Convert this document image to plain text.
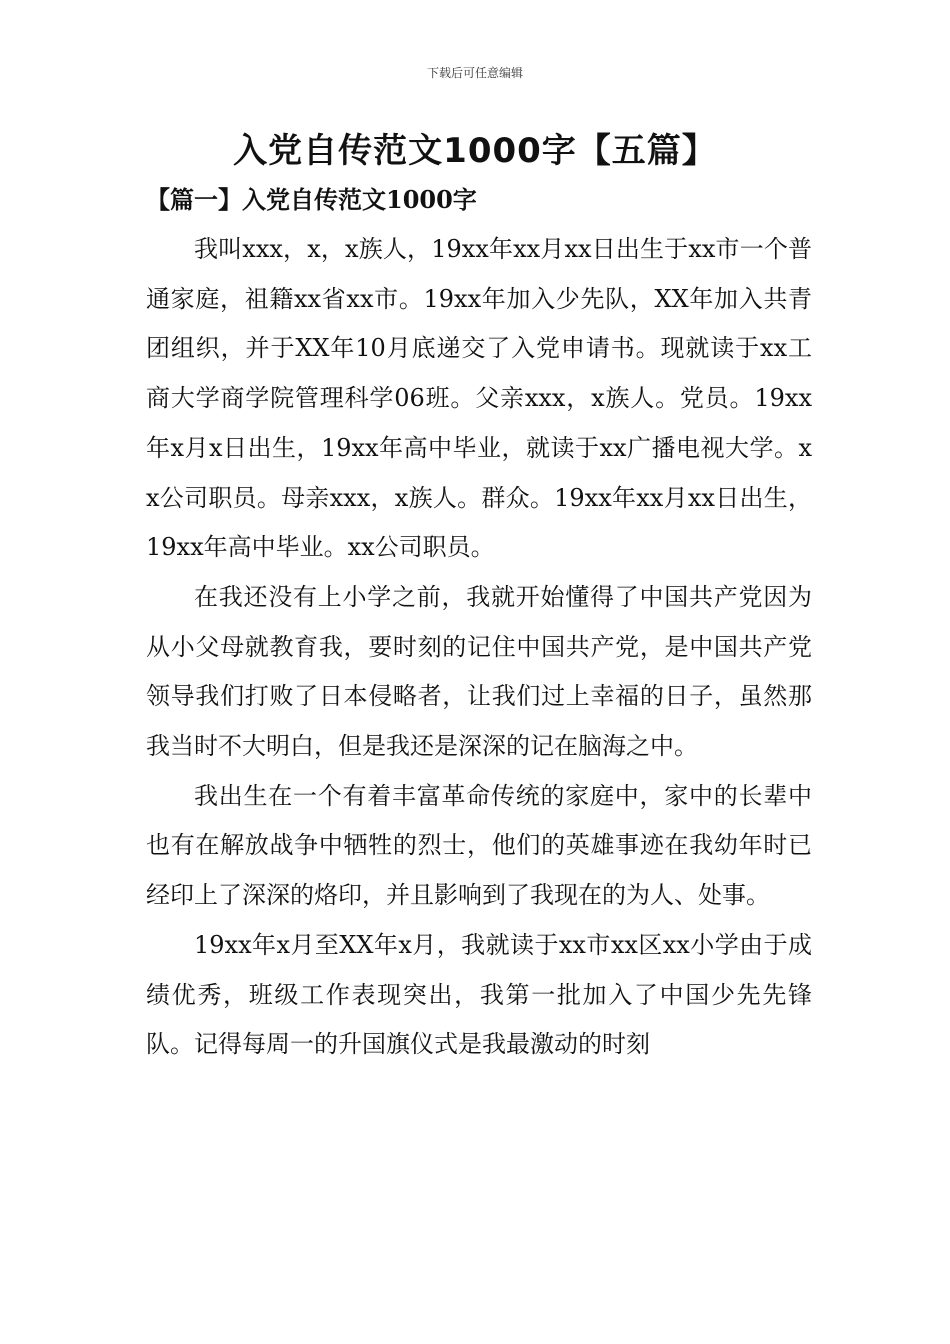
下载后可任意编辑
入党自传范文1000字【五篇】
【篇一】入党自传范文1000字

我叫xxx，x，x族人，19xx年xx月xx日出生于xx市一个普通家庭，祖籍xx省xx市。19xx年加入少先队，XX年加入共青团组织，并于XX年10月底递交了入党申请书。现就读于xx工商大学商学院管理科学06班。父亲xxx，x族人。党员。19xx年x月x日出生，19xx年高中毕业，就读于xx广播电视大学。xx公司职员。母亲xxx，x族人。群众。19xx年xx月xx日出生，19xx年高中毕业。xx公司职员。

在我还没有上小学之前，我就开始懂得了中国共产党因为从小父母就教育我，要时刻的记住中国共产党，是中国共产党领导我们打败了日本侵略者，让我们过上幸福的日子，虽然那我当时不大明白，但是我还是深深的记在脑海之中。

我出生在一个有着丰富革命传统的家庭中，家中的长辈中也有在解放战争中牺牲的烈士，他们的英雄事迹在我幼年时已经印上了深深的烙印，并且影响到了我现在的为人、处事。

19xx年x月至XX年x月，我就读于xx市xx区xx小学由于成绩优秀，班级工作表现突出，我第一批加入了中国少先先锋队。记得每周一的升国旗仪式是我最激动的时刻
